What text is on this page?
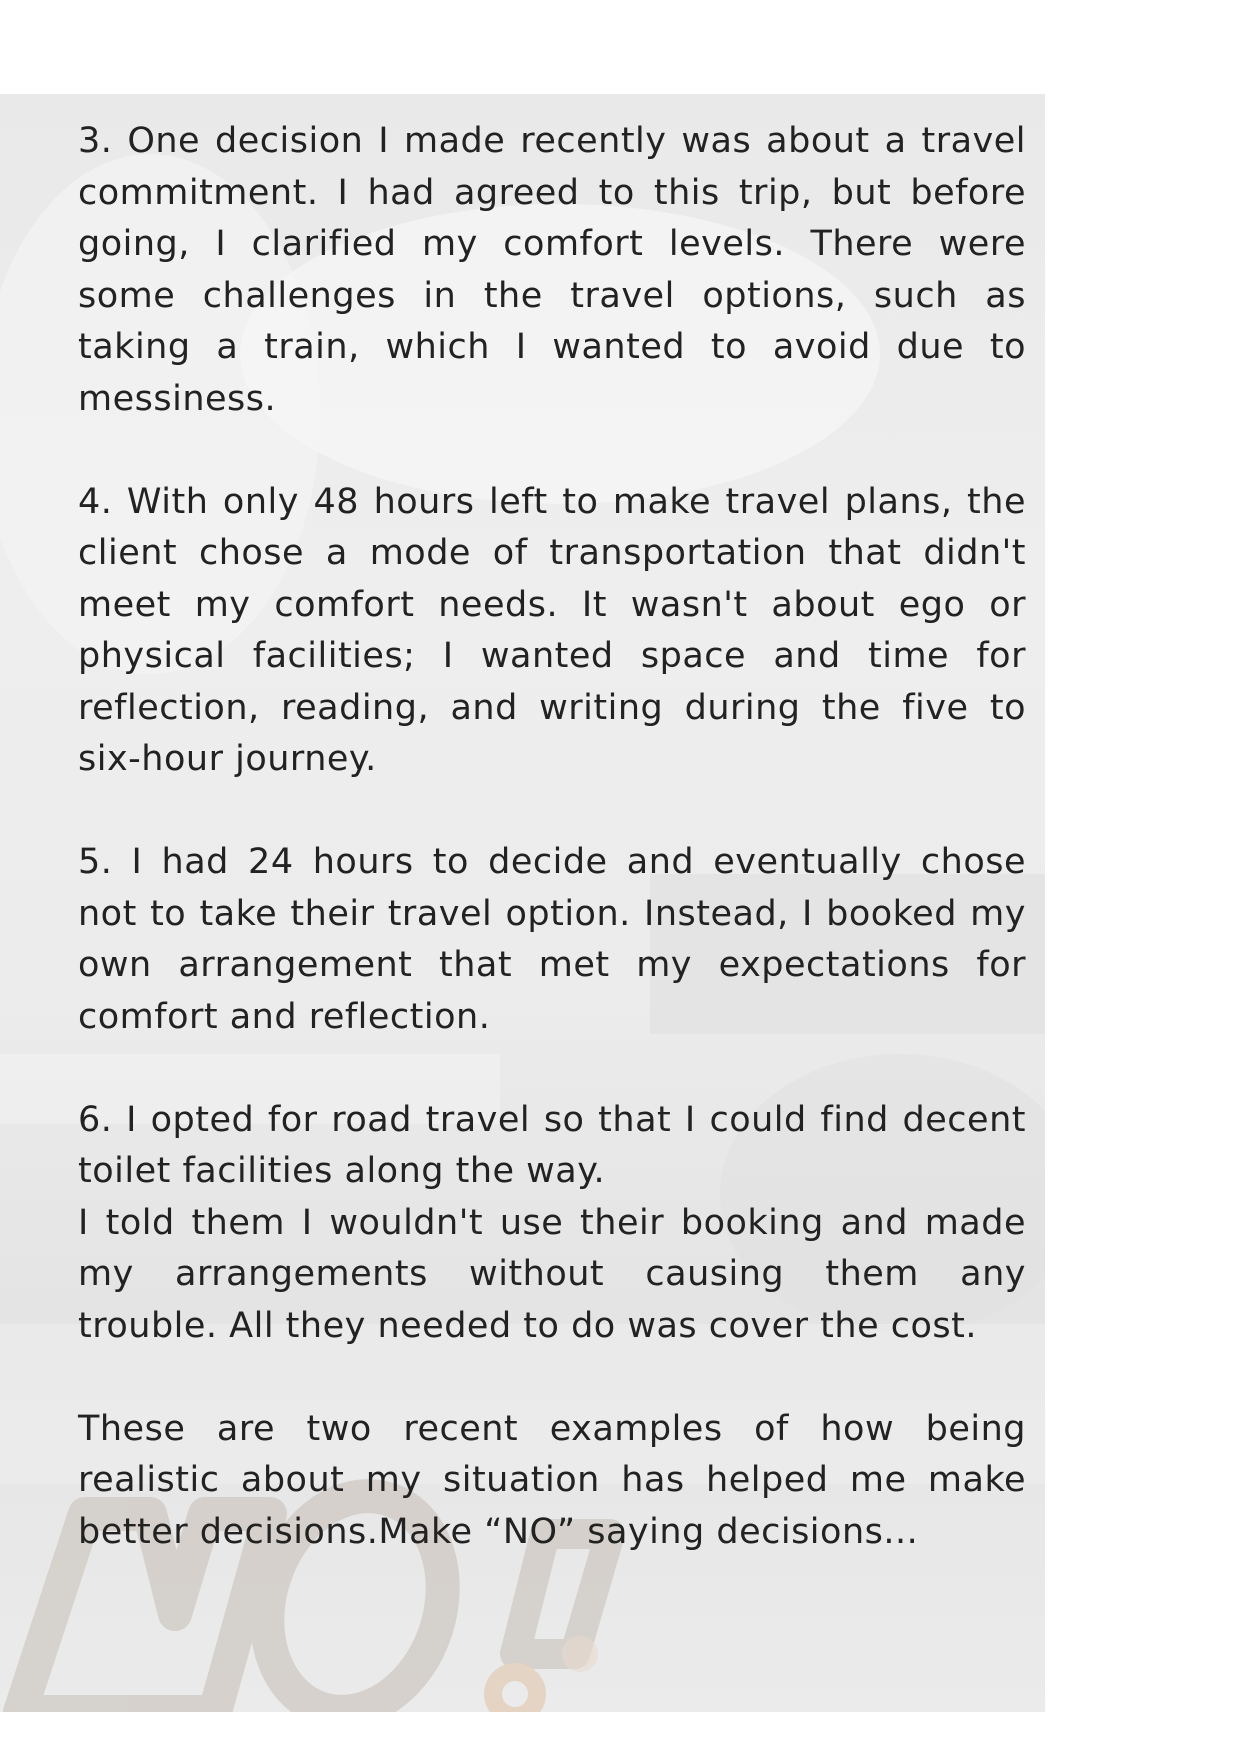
3. One decision I made recently was about a travel commitment. I had agreed to this trip, but before going, I clarified my comfort levels. There were some challenges in the travel options, such as taking a train, which I wanted to avoid due to messiness.

4. With only 48 hours left to make travel plans, the client chose a mode of transportation that didn't meet my comfort needs. It wasn't about ego or physical facilities; I wanted space and time for reflection, reading, and writing during the five to six-hour journey.

5. I had 24 hours to decide and eventually chose not to take their travel option. Instead, I booked my own arrangement that met my expectations for comfort and reflection.

6. I opted for road travel so that I could find decent toilet facilities along the way.

I told them I wouldn't use their booking and made my arrangements without causing them any trouble. All they needed to do was cover the cost.

These are two recent examples of how being realistic about my situation has helped me make better decisions.Make “NO” saying decisions...
